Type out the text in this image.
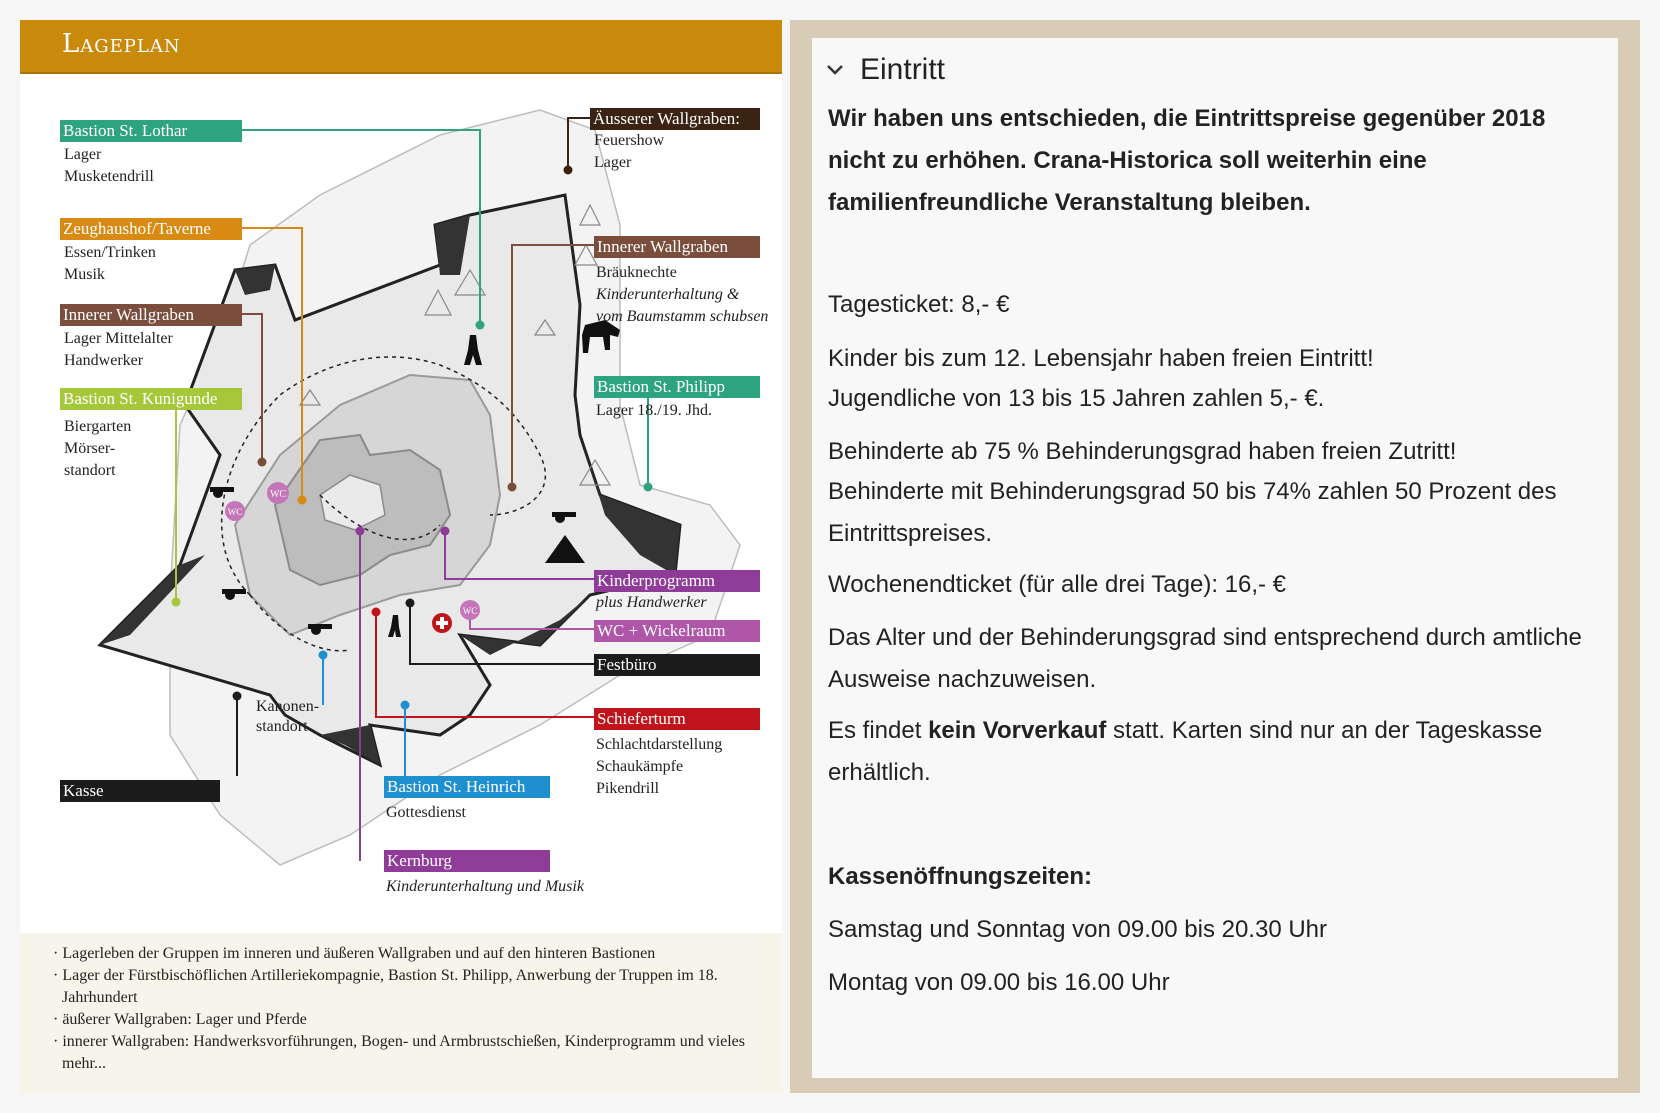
Lageplan
WC
WC
WC
Bastion St. Lothar
Lager
Musketendrill
Zeughaushof/Taverne
Essen/Trinken
Musik
Innerer Wallgraben
Lager Mittelalter
Handwerker
Bastion St. Kunigunde
Biergarten
Mörser-
standort
Kasse
Kanonen-
standort
Bastion St. Heinrich
Gottesdienst
Kernburg
Kinderunterhaltung und Musik
Äusserer Wallgraben:
Feuershow
Lager
Innerer Wallgraben
Bräuknechte
Kinderunterhaltung &
vom Baumstamm schubsen
Bastion St. Philipp
Lager 18./19. Jhd.
Kinderprogramm
plus Handwerker
WC + Wickelraum
Festbüro
Schieferturm
Schlachtdarstellung
Schaukämpfe
Pikendrill
· Lagerleben der Gruppen im inneren und äußeren Wallgraben und auf den hinteren Bastionen
· Lager der Fürstbischöflichen Artilleriekompagnie, Bastion St. Philipp, Anwerbung der Truppen im 18. Jahrhundert
· äußerer Wallgraben: Lager und Pferde
· innerer Wallgraben: Handwerksvorführungen, Bogen- und Armbrustschießen, Kinderprogramm und vieles mehr...
Eintritt
Wir haben uns entschieden, die Eintrittspreise gegenüber 2018 nicht zu erhöhen. Crana-Historica soll weiterhin eine familienfreundliche Veranstaltung bleiben.
Tagesticket: 8,- €
Kinder bis zum 12. Lebensjahr haben freien Eintritt!
Jugendliche von 13 bis 15 Jahren zahlen 5,- €.
Behinderte ab 75 % Behinderungsgrad haben freien Zutritt!
Behinderte mit Behinderungsgrad 50 bis 74% zahlen 50 Prozent des Eintrittspreises.
Wochenendticket (für alle drei Tage): 16,- €
Das Alter und der Behinderungsgrad sind entsprechend durch amtliche Ausweise nachzuweisen.
Es findet kein Vorverkauf statt. Karten sind nur an der Tageskasse erhältlich.
Kassenöffnungszeiten:
Samstag und Sonntag von 09.00 bis 20.30 Uhr
Montag von 09.00 bis 16.00 Uhr
